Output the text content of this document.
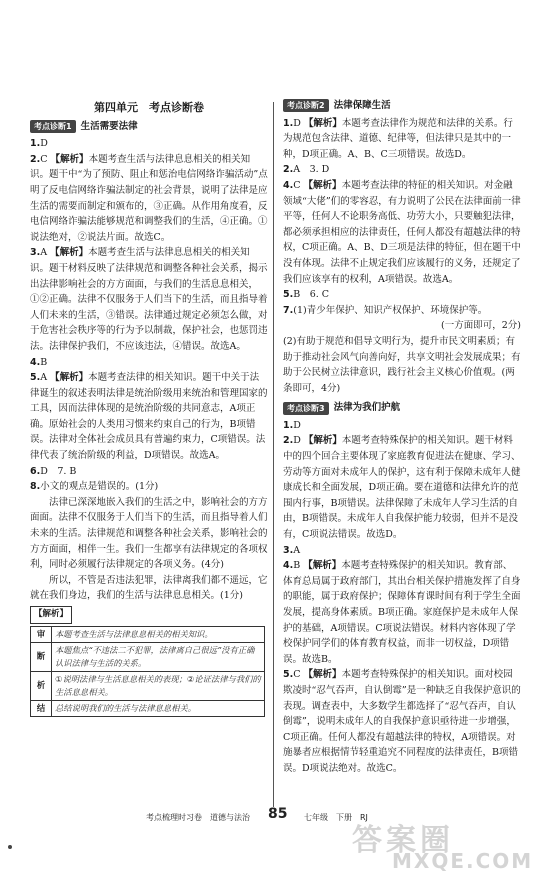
第四单元　考点诊断卷
考点诊断1 生活需要法律

1.D

2.C 【解析】本题考查生活与法律息息相关的相关知识。题干中“为了预防、阻止和惩治电信网络诈骗活动”点明了反电信网络诈骗法制定的社会背景，说明了法律是应生活的需要而制定和颁布的，③正确。从作用角度看，反电信网络诈骗法能够规范和调整我们的生活，④正确。①说法绝对，②说法片面。故选C。

3.A 【解析】本题考查生活与法律息息相关的相关知识。题干材料反映了法律规范和调整各种社会关系，揭示出法律影响社会的方方面面，与我们的生活息息相关，①②正确。法律不仅服务于人们当下的生活，而且指导着人们未来的生活，③错误。法律通过规定必须怎么做，对于危害社会秩序等的行为予以制裁，保护社会，也惩罚违法。法律保护我们，不应该违法，④错误。故选A。

4.B

5.A 【解析】本题考查法律的相关知识。题干中关于法律诞生的叙述表明法律是统治阶级用来统治和管理国家的工具，因而法律体现的是统治阶级的共同意志，A项正确。原始社会的人类用习惯来约束自己的行为，B项错误。法律对全体社会成员具有普遍约束力，C项错误。法律代表了统治阶级的利益，D项错误。故选A。

6.D　7. B

8.小文的观点是错误的。(1分)

法律已深深地嵌入我们的生活之中，影响社会的方方面面。法律不仅服务于人们当下的生活，而且指导着人们未来的生活。法律规范和调整各种社会关系，影响社会的方方面面，相伴一生。我们一生都享有法律规定的各项权利，同时必须履行法律规定的各项义务。(4分)

所以，不管是否违法犯罪，法律离我们都不遥远，它就在我们身边，我们的生活与法律息息相关。(1分)

【解析】
审	本题考查生活与法律息息相关的相关知识。
断	本题焦点“不违法二不犯罪，法律离自己很远”没有正确认识法律与生活的关系。
析	①说明法律与生活息息相关的表现；②论证法律与我们的生活息息相关。
结	总结说明我们的生活与法律息息相关。
考点诊断2 法律保障生活

1.D 【解析】本题考查法律作为规范和法律的关系。行为规范包含法律、道德、纪律等，但法律只是其中的一种，D项正确。A、B、C三项错误。故选D。

2.A　3. D

4.C 【解析】本题考查法律的特征的相关知识。对金融领域“大佬”们的零容忍，有力说明了公民在法律面前一律平等，任何人不论职务高低、功劳大小，只要触犯法律，都必须承担相应的法律责任，任何人都没有超越法律的特权，C项正确。A、B、D三项是法律的特征，但在题干中没有体现。法律不止规定我们应该履行的义务，还规定了我们应该享有的权利，A项错误。故选A。

5.B　6. C

7.(1)青少年保护、知识产权保护、环境保护等。

(一方面即可，2分)

(2)有助于规范和倡导文明行为，提升市民文明素质；有助于推动社会风气向善向好，共享文明社会发展成果；有助于公民树立法律意识，践行社会主义核心价值观。(两条即可，4分)

考点诊断3 法律为我们护航

1.D

2.D 【解析】本题考查特殊保护的相关知识。题干材料中的四个回合主要体现了家庭教育促进法在健康、学习、劳动等方面对未成年人的保护，这有利于保障未成年人健康成长和全面发展，D项正确。要在道德和法律允许的范围内行事，B项错误。法律保障了未成年人学习生活的自由，B项错误。未成年人自我保护能力较弱，但并不是没有，C项说法错误。故选D。

3.A

4.B 【解析】本题考查特殊保护的相关知识。教育部、体育总局属于政府部门，其出台相关保护措施发挥了自身的职能，属于政府保护；保障体育课时间有利于学生全面发展，提高身体素质。B项正确。家庭保护是未成年人保护的基础，A项错误。C项说法错误。材料内容体现了学校保护同学们的体育教育权益，而非一切权益，D项错误。故选B。

5.C 【解析】本题考查特殊保护的相关知识。面对校园欺凌时“忍气吞声，自认倒霉”是一种缺乏自我保护意识的表现。调查表中，大多数学生都选择了“忍气吞声，自认倒霉”，说明未成年人的自我保护意识亟待进一步增强，C项正确。任何人都没有超越法律的特权，A项错误。对施暴者应根据情节轻重追究不同程度的法律责任，B项错误。D项说法绝对。故选C。

考点梳理时习卷　道德与法治 85 七年级　下册　RJ
答案圈
MXQE.COM
